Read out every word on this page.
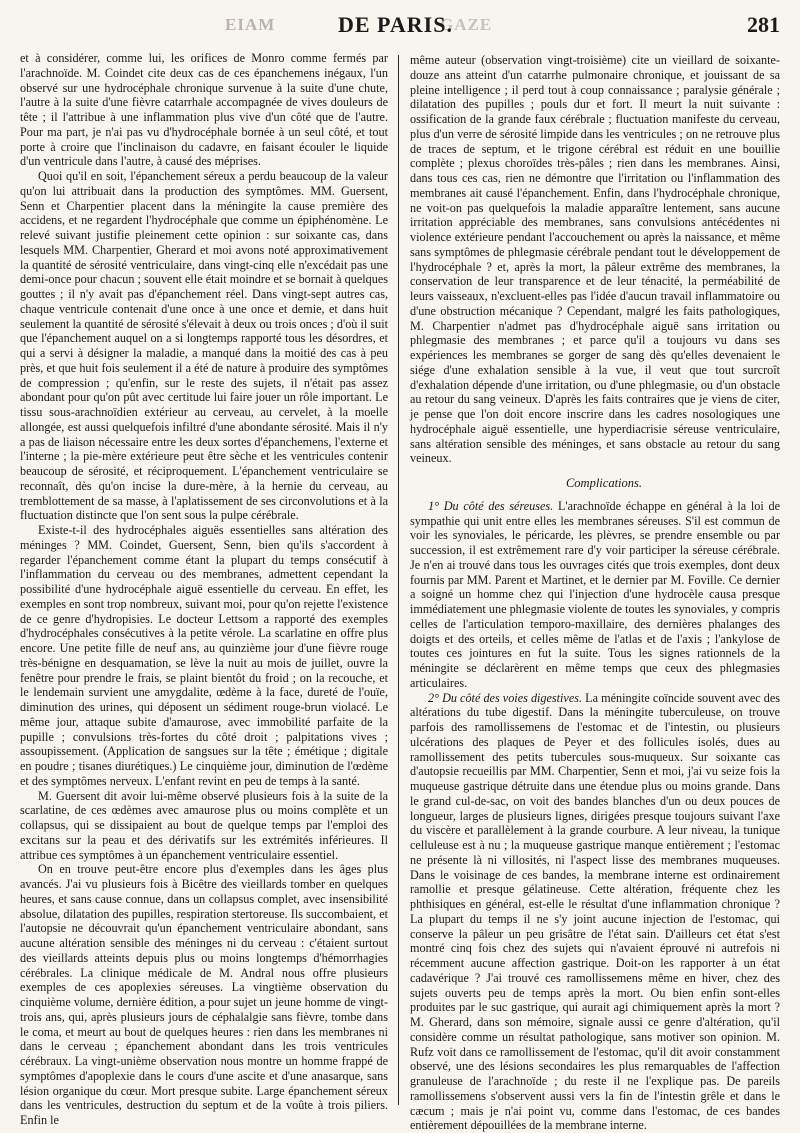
EIAM	GAZE
DE PARIS.	281

et à considérer, comme lui, les orifices de Monro comme fermés par l'arachnoïde. M. Coindet cite deux cas de ces épanchemens inégaux, l'un observé sur une hydrocéphale chronique survenue à la suite d'une chute, l'autre à la suite d'une fièvre catarrhale accompagnée de vives douleurs de tête ; il l'attribue à une inflammation plus vive d'un côté que de l'autre. Pour ma part, je n'ai pas vu d'hydrocéphale bornée à un seul côté, et tout porte à croire que l'inclinaison du cadavre, en faisant écouler le liquide d'un ventricule dans l'autre, à causé des méprises.

Quoi qu'il en soit, l'épanchement séreux a perdu beaucoup de la valeur qu'on lui attribuait dans la production des symptômes. MM. Guersent, Senn et Charpentier placent dans la méningite la cause première des accidens, et ne regardent l'hydrocéphale que comme un épiphénomène. Le relevé suivant justifie pleinement cette opinion : sur soixante cas, dans lesquels MM. Charpentier, Gherard et moi avons noté approximativement la quantité de sérosité ventriculaire, dans vingt-cinq elle n'excédait pas une demi-once pour chacun ; souvent elle était moindre et se bornait à quelques gouttes ; il n'y avait pas d'épanchement réel. Dans vingt-sept autres cas, chaque ventricule contenait d'une once à une once et demie, et dans huit seulement la quantité de sérosité s'élevait à deux ou trois onces ; d'où il suit que l'épanchement auquel on a si longtemps rapporté tous les désordres, et qui a servi à désigner la maladie, a manqué dans la moitié des cas à peu près, et que huit fois seulement il a été de nature à produire des symptômes de compression ; qu'enfin, sur le reste des sujets, il n'était pas assez abondant pour qu'on pût avec certitude lui faire jouer un rôle important. Le tissu sous-arachnoïdien extérieur au cerveau, au cervelet, à la moelle allongée, est aussi quelquefois infiltré d'une abondante sérosité. Mais il n'y a pas de liaison nécessaire entre les deux sortes d'épanchemens, l'externe et l'interne ; la pie-mère extérieure peut être sèche et les ventricules contenir beaucoup de sérosité, et réciproquement. L'épanchement ventriculaire se reconnaît, dès qu'on incise la dure-mère, à la hernie du cerveau, au tremblottement de sa masse, à l'aplatissement de ses circonvolutions et à la fluctuation distincte que l'on sent sous la pulpe cérébrale.

Existe-t-il des hydrocéphales aiguës essentielles sans altération des méninges ? MM. Coindet, Guersent, Senn, bien qu'ils s'accordent à regarder l'épanchement comme étant la plupart du temps consécutif à l'inflammation du cerveau ou des membranes, admettent cependant la possibilité d'une hydrocéphale aiguë essentielle du cerveau. En effet, les exemples en sont trop nombreux, suivant moi, pour qu'on rejette l'existence de ce genre d'hydropisies. Le docteur Lettsom a rapporté des exemples d'hydrocéphales consécutives à la petite vérole. La scarlatine en offre plus encore. Une petite fille de neuf ans, au quinzième jour d'une fièvre rouge très-bénigne en desquamation, se lève la nuit au mois de juillet, ouvre la fenêtre pour prendre le frais, se plaint bientôt du froid ; on la recouche, et le lendemain survient une amygdalite, œdème à la face, dureté de l'ouïe, diminution des urines, qui déposent un sédiment rouge-brun violacé. Le même jour, attaque subite d'amaurose, avec immobilité parfaite de la pupille ; convulsions très-fortes du côté droit ; palpitations vives ; assoupissement. (Application de sangsues sur la tête ; émétique ; digitale en poudre ; tisanes diurétiques.) Le cinquième jour, diminution de l'œdème et des symptômes nerveux. L'enfant revint en peu de temps à la santé.

M. Guersent dit avoir lui-même observé plusieurs fois à la suite de la scarlatine, de ces œdèmes avec amaurose plus ou moins complète et un collapsus, qui se dissipaient au bout de quelque temps par l'emploi des excitans sur la peau et des dérivatifs sur les extrémités inférieures. Il attribue ces symptômes à un épanchement ventriculaire essentiel.

On en trouve peut-être encore plus d'exemples dans les âges plus avancés. J'ai vu plusieurs fois à Bicêtre des vieillards tomber en quelques heures, et sans cause connue, dans un collapsus complet, avec insensibilité absolue, dilatation des pupilles, respiration stertoreuse. Ils succombaient, et l'autopsie ne découvrait qu'un épanchement ventriculaire abondant, sans aucune altération sensible des méninges ni du cerveau : c'étaient surtout des vieillards atteints depuis plus ou moins longtemps d'hémorrhagies cérébrales. La clinique médicale de M. Andral nous offre plusieurs exemples de ces apoplexies séreuses. La vingtième observation du cinquième volume, dernière édition, a pour sujet un jeune homme de vingt-trois ans, qui, après plusieurs jours de céphalalgie sans fièvre, tombe dans le coma, et meurt au bout de quelques heures : rien dans les membranes ni dans le cerveau ; épanchement abondant dans les trois ventricules cérébraux. La vingt-unième observation nous montre un homme frappé de symptômes d'apoplexie dans le cours d'une ascite et d'une anasarque, sans lésion organique du cœur. Mort presque subite. Large épanchement séreux dans les ventricules, destruction du septum et de la voûte à trois piliers. Enfin le

même auteur (observation vingt-troisième) cite un vieillard de soixante-douze ans atteint d'un catarrhe pulmonaire chronique, et jouissant de sa pleine intelligence ; il perd tout à coup connaissance ; paralysie générale ; dilatation des pupilles ; pouls dur et fort. Il meurt la nuit suivante : ossification de la grande faux cérébrale ; fluctuation manifeste du cerveau, plus d'un verre de sérosité limpide dans les ventricules ; on ne retrouve plus de traces de septum, et le trigone cérébral est réduit en une bouillie complète ; plexus choroïdes très-pâles ; rien dans les membranes. Ainsi, dans tous ces cas, rien ne démontre que l'irritation ou l'inflammation des membranes ait causé l'épanchement. Enfin, dans l'hydrocéphale chronique, ne voit-on pas quelquefois la maladie apparaître lentement, sans aucune irritation appréciable des membranes, sans convulsions antécédentes ni violence extérieure pendant l'accouchement ou après la naissance, et même sans symptômes de phlegmasie cérébrale pendant tout le développement de l'hydrocéphale ? et, après la mort, la pâleur extrême des membranes, la conservation de leur transparence et de leur ténacité, la perméabilité de leurs vaisseaux, n'excluent-elles pas l'idée d'aucun travail inflammatoire ou d'une obstruction mécanique ? Cependant, malgré les faits pathologiques, M. Charpentier n'admet pas d'hydrocéphale aiguë sans irritation ou phlegmasie des membranes ; et parce qu'il a toujours vu dans ses expériences les membranes se gorger de sang dès qu'elles devenaient le siége d'une exhalation sensible à la vue, il veut que tout surcroît d'exhalation dépende d'une irritation, ou d'une phlegmasie, ou d'un obstacle au retour du sang veineux. D'après les faits contraires que je viens de citer, je pense que l'on doit encore inscrire dans les cadres nosologiques une hydrocéphale aiguë essentielle, une hyperdiacrisie séreuse ventriculaire, sans altération sensible des méninges, et sans obstacle au retour du sang veineux.

Complications.

1° Du côté des séreuses. L'arachnoïde échappe en général à la loi de sympathie qui unit entre elles les membranes séreuses. S'il est commun de voir les synoviales, le péricarde, les plèvres, se prendre ensemble ou par succession, il est extrêmement rare d'y voir participer la séreuse cérébrale. Je n'en ai trouvé dans tous les ouvrages cités que trois exemples, dont deux fournis par MM. Parent et Martinet, et le dernier par M. Foville. Ce dernier a soigné un homme chez qui l'injection d'une hydrocèle causa presque immédiatement une phlegmasie violente de toutes les synoviales, y compris celles de l'articulation temporo-maxillaire, des dernières phalanges des doigts et des orteils, et celles même de l'atlas et de l'axis ; l'ankylose de toutes ces jointures en fut la suite. Tous les signes rationnels de la méningite se déclarèrent en même temps que ceux des phlegmasies articulaires.

2° Du côté des voies digestives. La méningite coïncide souvent avec des altérations du tube digestif. Dans la méningite tuberculeuse, on trouve parfois des ramollissemens de l'estomac et de l'intestin, ou plusieurs ulcérations des plaques de Peyer et des follicules isolés, dues au ramollissement des petits tubercules sous-muqueux. Sur soixante cas d'autopsie recueillis par MM. Charpentier, Senn et moi, j'ai vu seize fois la muqueuse gastrique détruite dans une étendue plus ou moins grande. Dans le grand cul-de-sac, on voit des bandes blanches d'un ou deux pouces de longueur, larges de plusieurs lignes, dirigées presque toujours suivant l'axe du viscère et parallèlement à la grande courbure. A leur niveau, la tunique celluleuse est à nu ; la muqueuse gastrique manque entièrement ; l'estomac ne présente là ni villosités, ni l'aspect lisse des membranes muqueuses. Dans le voisinage de ces bandes, la membrane interne est ordinairement ramollie et presque gélatineuse. Cette altération, fréquente chez les phthisiques en général, est-elle le résultat d'une inflammation chronique ? La plupart du temps il ne s'y joint aucune injection de l'estomac, qui conserve la pâleur un peu grisâtre de l'état sain. D'ailleurs cet état s'est montré cinq fois chez des sujets qui n'avaient éprouvé ni autrefois ni récemment aucune affection gastrique. Doit-on les rapporter à un état cadavérique ? J'ai trouvé ces ramollissemens même en hiver, chez des sujets ouverts peu de temps après la mort. Ou bien enfin sont-elles produites par le suc gastrique, qui aurait agi chimiquement après la mort ? M. Gherard, dans son mémoire, signale aussi ce genre d'altération, qu'il considère comme un résultat pathologique, sans motiver son opinion. M. Rufz voit dans ce ramollissement de l'estomac, qu'il dit avoir constamment observé, une des lésions secondaires les plus remarquables de l'affection granuleuse de l'arachnoïde ; du reste il ne l'explique pas. De pareils ramollissemens s'observent aussi vers la fin de l'intestin grêle et dans le cæcum ; mais je n'ai point vu, comme dans l'estomac, de ces bandes entièrement dépouillées de la membrane interne.
